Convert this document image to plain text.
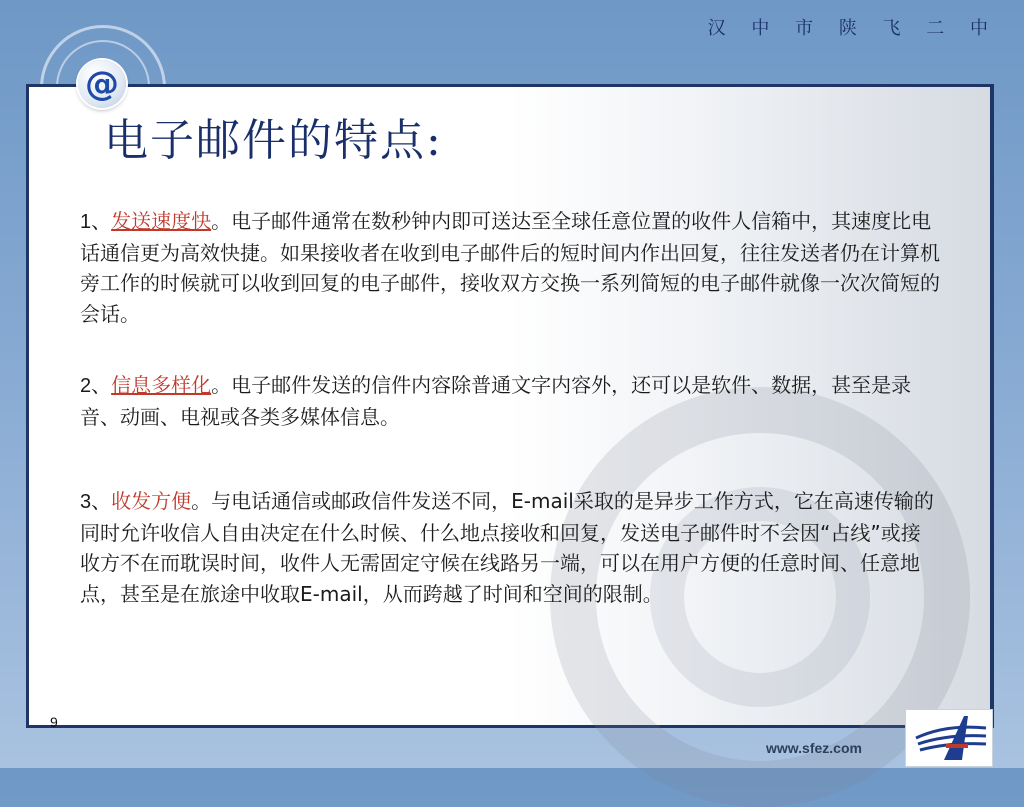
汉 中 市 陕 飞 二 中
@
电子邮件的特点:
1、发送速度快。电子邮件通常在数秒钟内即可送达至全球任意位置的收件人信箱中，其速度比电话通信更为高效快捷。如果接收者在收到电子邮件后的短时间内作出回复，往往发送者仍在计算机旁工作的时候就可以收到回复的电子邮件，接收双方交换一系列简短的电子邮件就像一次次简短的会话。
2、信息多样化。电子邮件发送的信件内容除普通文字内容外，还可以是软件、数据，甚至是录音、动画、电视或各类多媒体信息。
3、收发方便。与电话通信或邮政信件发送不同，E-mail采取的是异步工作方式，它在高速传输的同时允许收信人自由决定在什么时候、什么地点接收和回复，发送电子邮件时不会因“占线”或接收方不在而耽误时间，收件人无需固定守候在线路另一端，可以在用户方便的任意时间、任意地点，甚至是在旅途中收取E-mail，从而跨越了时间和空间的限制。
9
www.sfez.com
